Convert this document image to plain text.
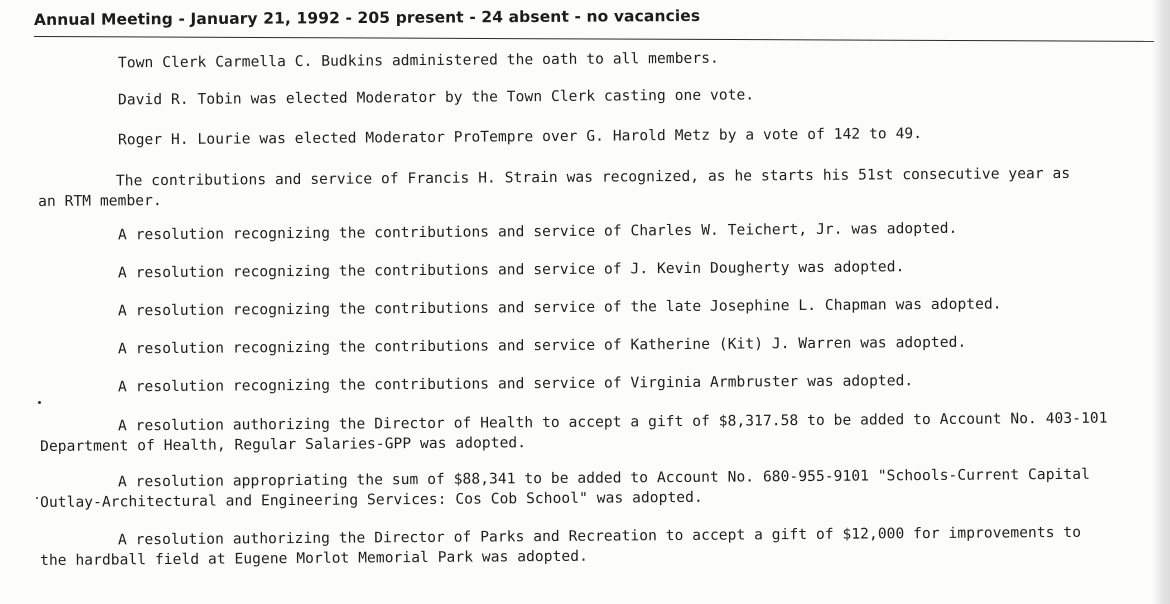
Annual Meeting - January 21, 1992 - 205 present - 24 absent - no vacancies
Town Clerk Carmella C. Budkins administered the oath to all members.
David R. Tobin was elected Moderator by the Town Clerk casting one vote.
Roger H. Lourie was elected Moderator ProTempre over G. Harold Metz by a vote of 142 to 49.
The contributions and service of Francis H. Strain was recognized, as he starts his 51st consecutive year as
an RTM member.
A resolution recognizing the contributions and service of Charles W. Teichert, Jr. was adopted.
A resolution recognizing the contributions and service of J. Kevin Dougherty was adopted.
A resolution recognizing the contributions and service of the late Josephine L. Chapman was adopted.
A resolution recognizing the contributions and service of Katherine (Kit) J. Warren was adopted.
A resolution recognizing the contributions and service of Virginia Armbruster was adopted.
A resolution authorizing the Director of Health to accept a gift of $8,317.58 to be added to Account No. 403-101
Department of Health, Regular Salaries-GPP was adopted.
A resolution appropriating the sum of $88,341 to be added to Account No. 680-955-9101 "Schools-Current Capital
Outlay-Architectural and Engineering Services: Cos Cob School" was adopted.
A resolution authorizing the Director of Parks and Recreation to accept a gift of $12,000 for improvements to
the hardball field at Eugene Morlot Memorial Park was adopted.
